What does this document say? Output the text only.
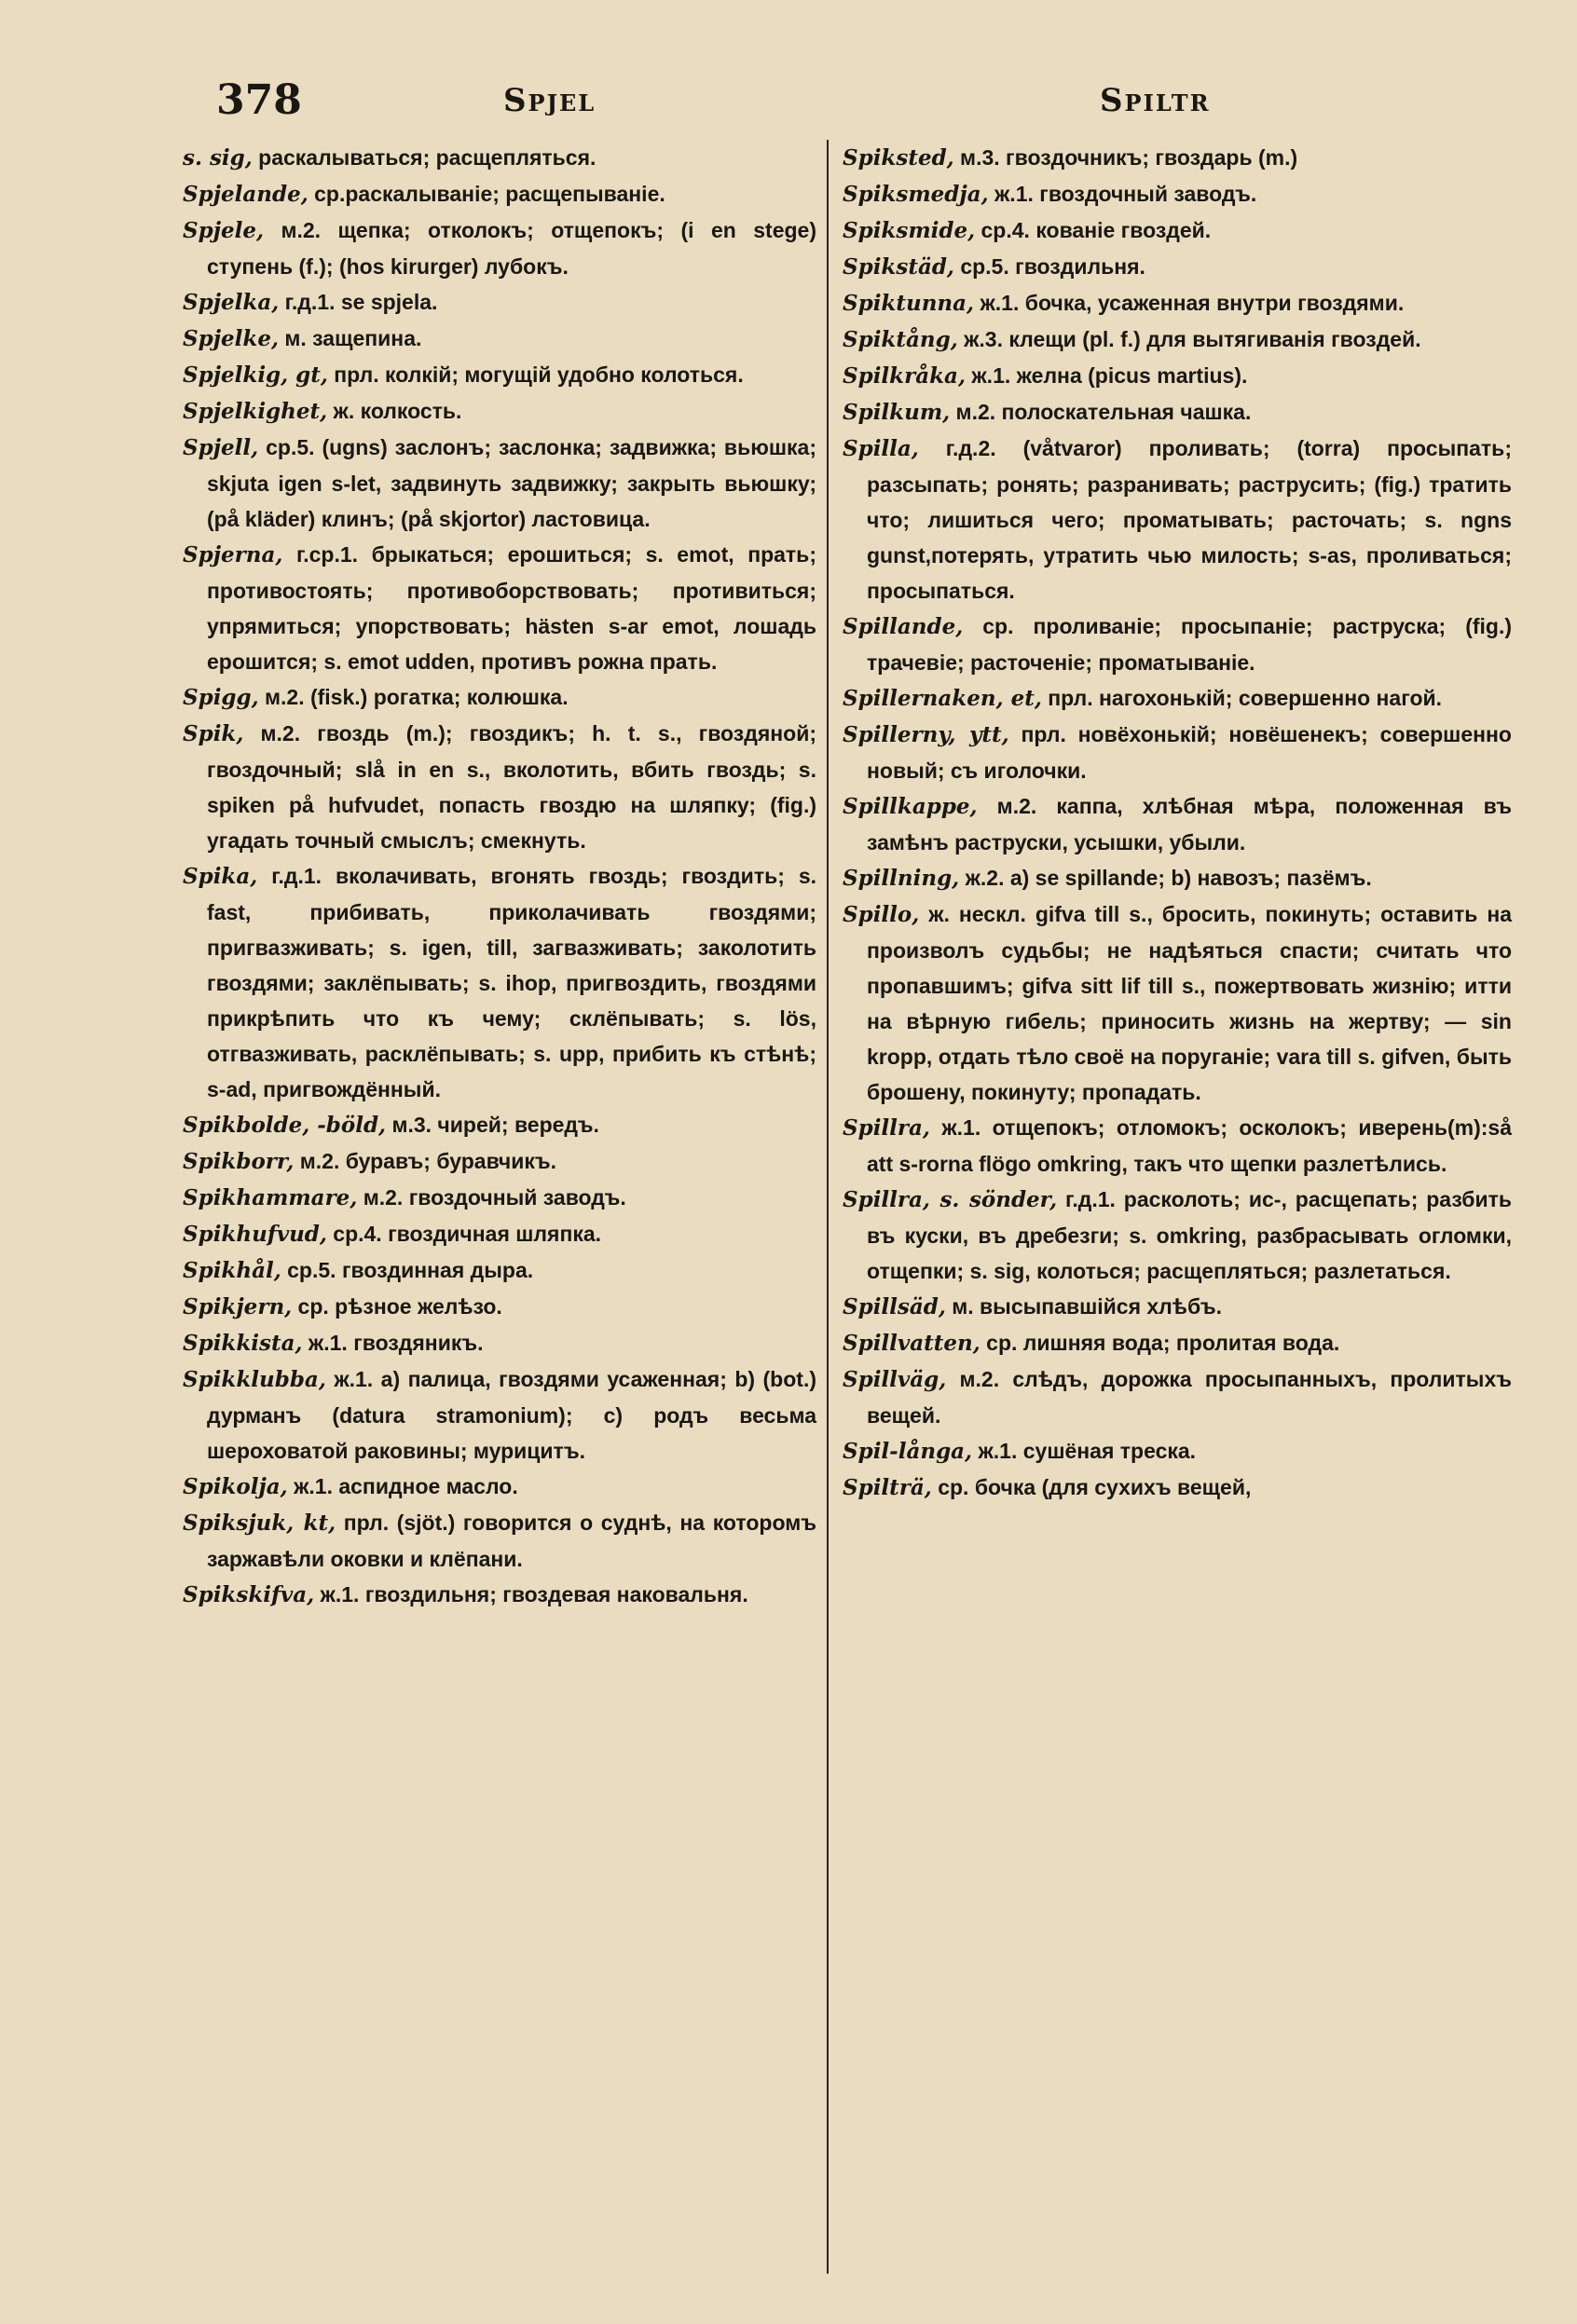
378	Spjel	Spiltr

s. sig, раскалываться; расщепляться.

Spjelande, ср.раскалываніе; расщепываніе.

Spjele, м.2. щепка; отколокъ; отщепокъ; (i en stege) ступень (f.); (hos kirurger) лубокъ.

Spjelka, г.д.1. se spjela.

Spjelke, м. защепина.

Spjelkig, gt, прл. колкій; могущій удобно колоться.

Spjelkighet, ж. колкость.

Spjell, ср.5. (ugns) заслонъ; заслонка; задвижка; вьюшка; skjuta igen s-let, задвинуть задвижку; закрыть вьюшку; (på kläder) клинъ; (på skjortor) ластовица.

Spjerna, г.ср.1. брыкаться; ерошиться; s. emot, прать; противостоять; противоборствовать; противиться; упрямиться; упорствовать; hästen s-ar emot, лошадь ерошится; s. emot udden, противъ рожна прать.

Spigg, м.2. (fisk.) рогатка; колюшка.

Spik, м.2. гвоздь (m.); гвоздикъ; h. t. s., гвоздяной; гвоздочный; slå in en s., вколотить, вбить гвоздь; s. spiken på hufvudet, попасть гвоздю на шляпку; (fig.) угадать точный смыслъ; смекнуть.

Spika, г.д.1. вколачивать, вгонять гвоздь; гвоздить; s. fast, прибивать, приколачивать гвоздями; пригвазживать; s. igen, till, загвазживать; заколотить гвоздями; заклёпывать; s. ihop, пригвоздить, гвоздями прикрѣпить что къ чему; склёпывать; s. lös, отгвазживать, расклёпывать; s. upp, прибить къ стѣнѣ; s-ad, пригвождённый.

Spikbolde, -böld, м.3. чирей; вередъ.

Spikborr, м.2. буравъ; буравчикъ.

Spikhammare, м.2. гвоздочный заводъ.

Spikhufvud, ср.4. гвоздичная шляпка.

Spikhål, ср.5. гвоздинная дыра.

Spikjern, ср. рѣзное желѣзо.

Spikkista, ж.1. гвоздяникъ.

Spikklubba, ж.1. а) палица, гвоздями усаженная; b) (bot.) дурманъ (datura stramonium); с) родъ весьма шероховатой раковины; мурицитъ.

Spikolja, ж.1. аспидное масло.

Spiksjuk, kt, прл. (sjöt.) говорится о суднѣ, на которомъ заржавѣли оковки и клёпани.

Spikskifva, ж.1. гвоздильня; гвоздевая наковальня.

Spiksted, м.3. гвоздочникъ; гвоздарь (m.)

Spiksmedja, ж.1. гвоздочный заводъ.

Spiksmide, ср.4. кованіе гвоздей.

Spikstäd, ср.5. гвоздильня.

Spiktunna, ж.1. бочка, усаженная внутри гвоздями.

Spiktång, ж.3. клещи (pl. f.) для вытягиванія гвоздей.

Spilkråka, ж.1. желна (picus martius).

Spilkum, м.2. полоскательная чашка.

Spilla, г.д.2. (våtvaror) проливать; (torra) просыпать; разсыпать; ронять; разранивать; раструсить; (fig.) тратить что; лишиться чего; проматывать; расточать; s. ngns gunst,потерять, утратить чью милость; s-as, проливаться; просыпаться.

Spillande, ср. проливаніе; просыпаніе; раструска; (fig.) трачевіе; расточеніе; проматываніе.

Spillernaken, et, прл. нагохонькій; совершенно нагой.

Spillerny, ytt, прл. новёхонькій; новёшенекъ; совершенно новый; съ иголочки.

Spillkappe, м.2. каппа, хлѣбная мѣра, положенная въ замѣнъ раструски, усышки, убыли.

Spillning, ж.2. а) se spillande; b) навозъ; пазёмъ.

Spillo, ж. нескл. gifva till s., бросить, покинуть; оставить на произволъ судьбы; не надѣяться спасти; считать что пропавшимъ; gifva sitt lif till s., пожертвовать жизнію; итти на вѣрную гибель; приносить жизнь на жертву; — sin kropp, отдать тѣло своё на поруганіе; vara till s. gifven, быть брошену, покинуту; пропадать.

Spillra, ж.1. отщепокъ; отломокъ; осколокъ; иверень(m):så att s-rorna flögo omkring, такъ что щепки разлетѣлись.

Spillra, s. sönder, г.д.1. расколоть; ис-, расщепать; разбить въ куски, въ дребезги; s. omkring, разбрасывать огломки, отщепки; s. sig, колоться; расщепляться; разлетаться.

Spillsäd, м. высыпавшійся хлѣбъ.

Spillvatten, ср. лишняя вода; пролитая вода.

Spillväg, м.2. слѣдъ, дорожка просыпанныхъ, пролитыхъ вещей.

Spil-långa, ж.1. сушёная треска.

Spilträ, ср. бочка (для сухихъ вещей,
